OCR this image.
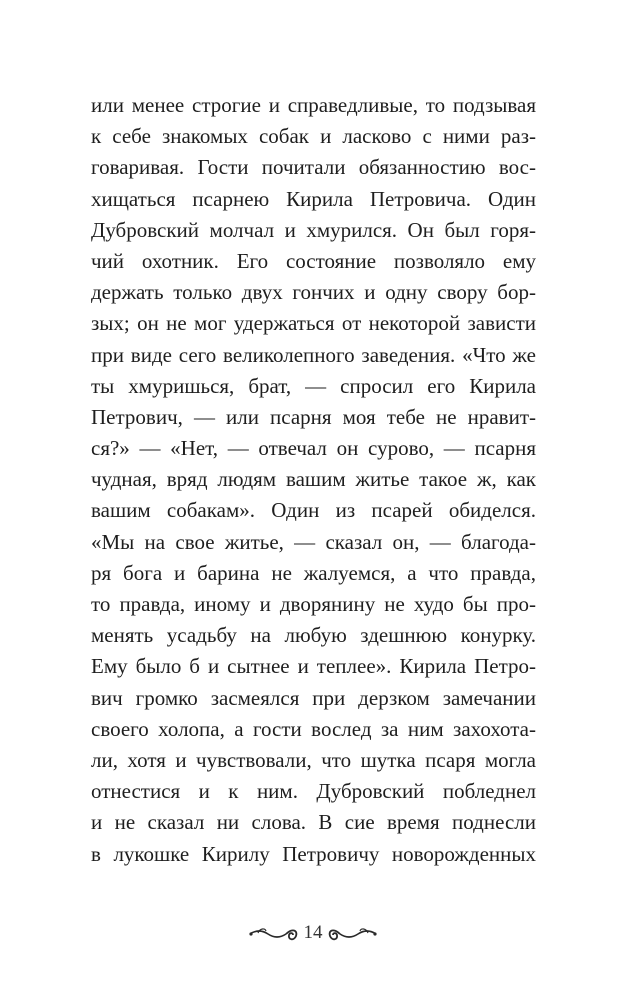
или менее строгие и справедливые, то подзывая
к себе знакомых собак и ласково с ними раз-
говаривая. Гости почитали обязанностию вос-
хищаться псарнею Кирила Петровича. Один
Дубровский молчал и хмурился. Он был горя-
чий охотник. Его состояние позволяло ему
держать только двух гончих и одну свору бор-
зых; он не мог удержаться от некоторой зависти
при виде сего великолепного заведения. «Что же
ты хмуришься, брат, — спросил его Кирила
Петрович, — или псарня моя тебе не нравит-
ся?» — «Нет, — отвечал он сурово, — псарня
чудная, вряд людям вашим житье такое ж, как
вашим собакам». Один из псарей обиделся.
«Мы на свое житье, — сказал он, — благода-
ря бога и барина не жалуемся, а что правда,
то правда, иному и дворянину не худо бы про-
менять усадьбу на любую здешнюю конурку.
Ему было б и сытнее и теплее». Кирила Петро-
вич громко засмеялся при дерзком замечании
своего холопа, а гости вослед за ним захохота-
ли, хотя и чувствовали, что шутка псаря могла
отнестися и к ним. Дубровский побледнел
и не сказал ни слова. В сие время поднесли
в лукошке Кирилу Петровичу новорожденных
14
